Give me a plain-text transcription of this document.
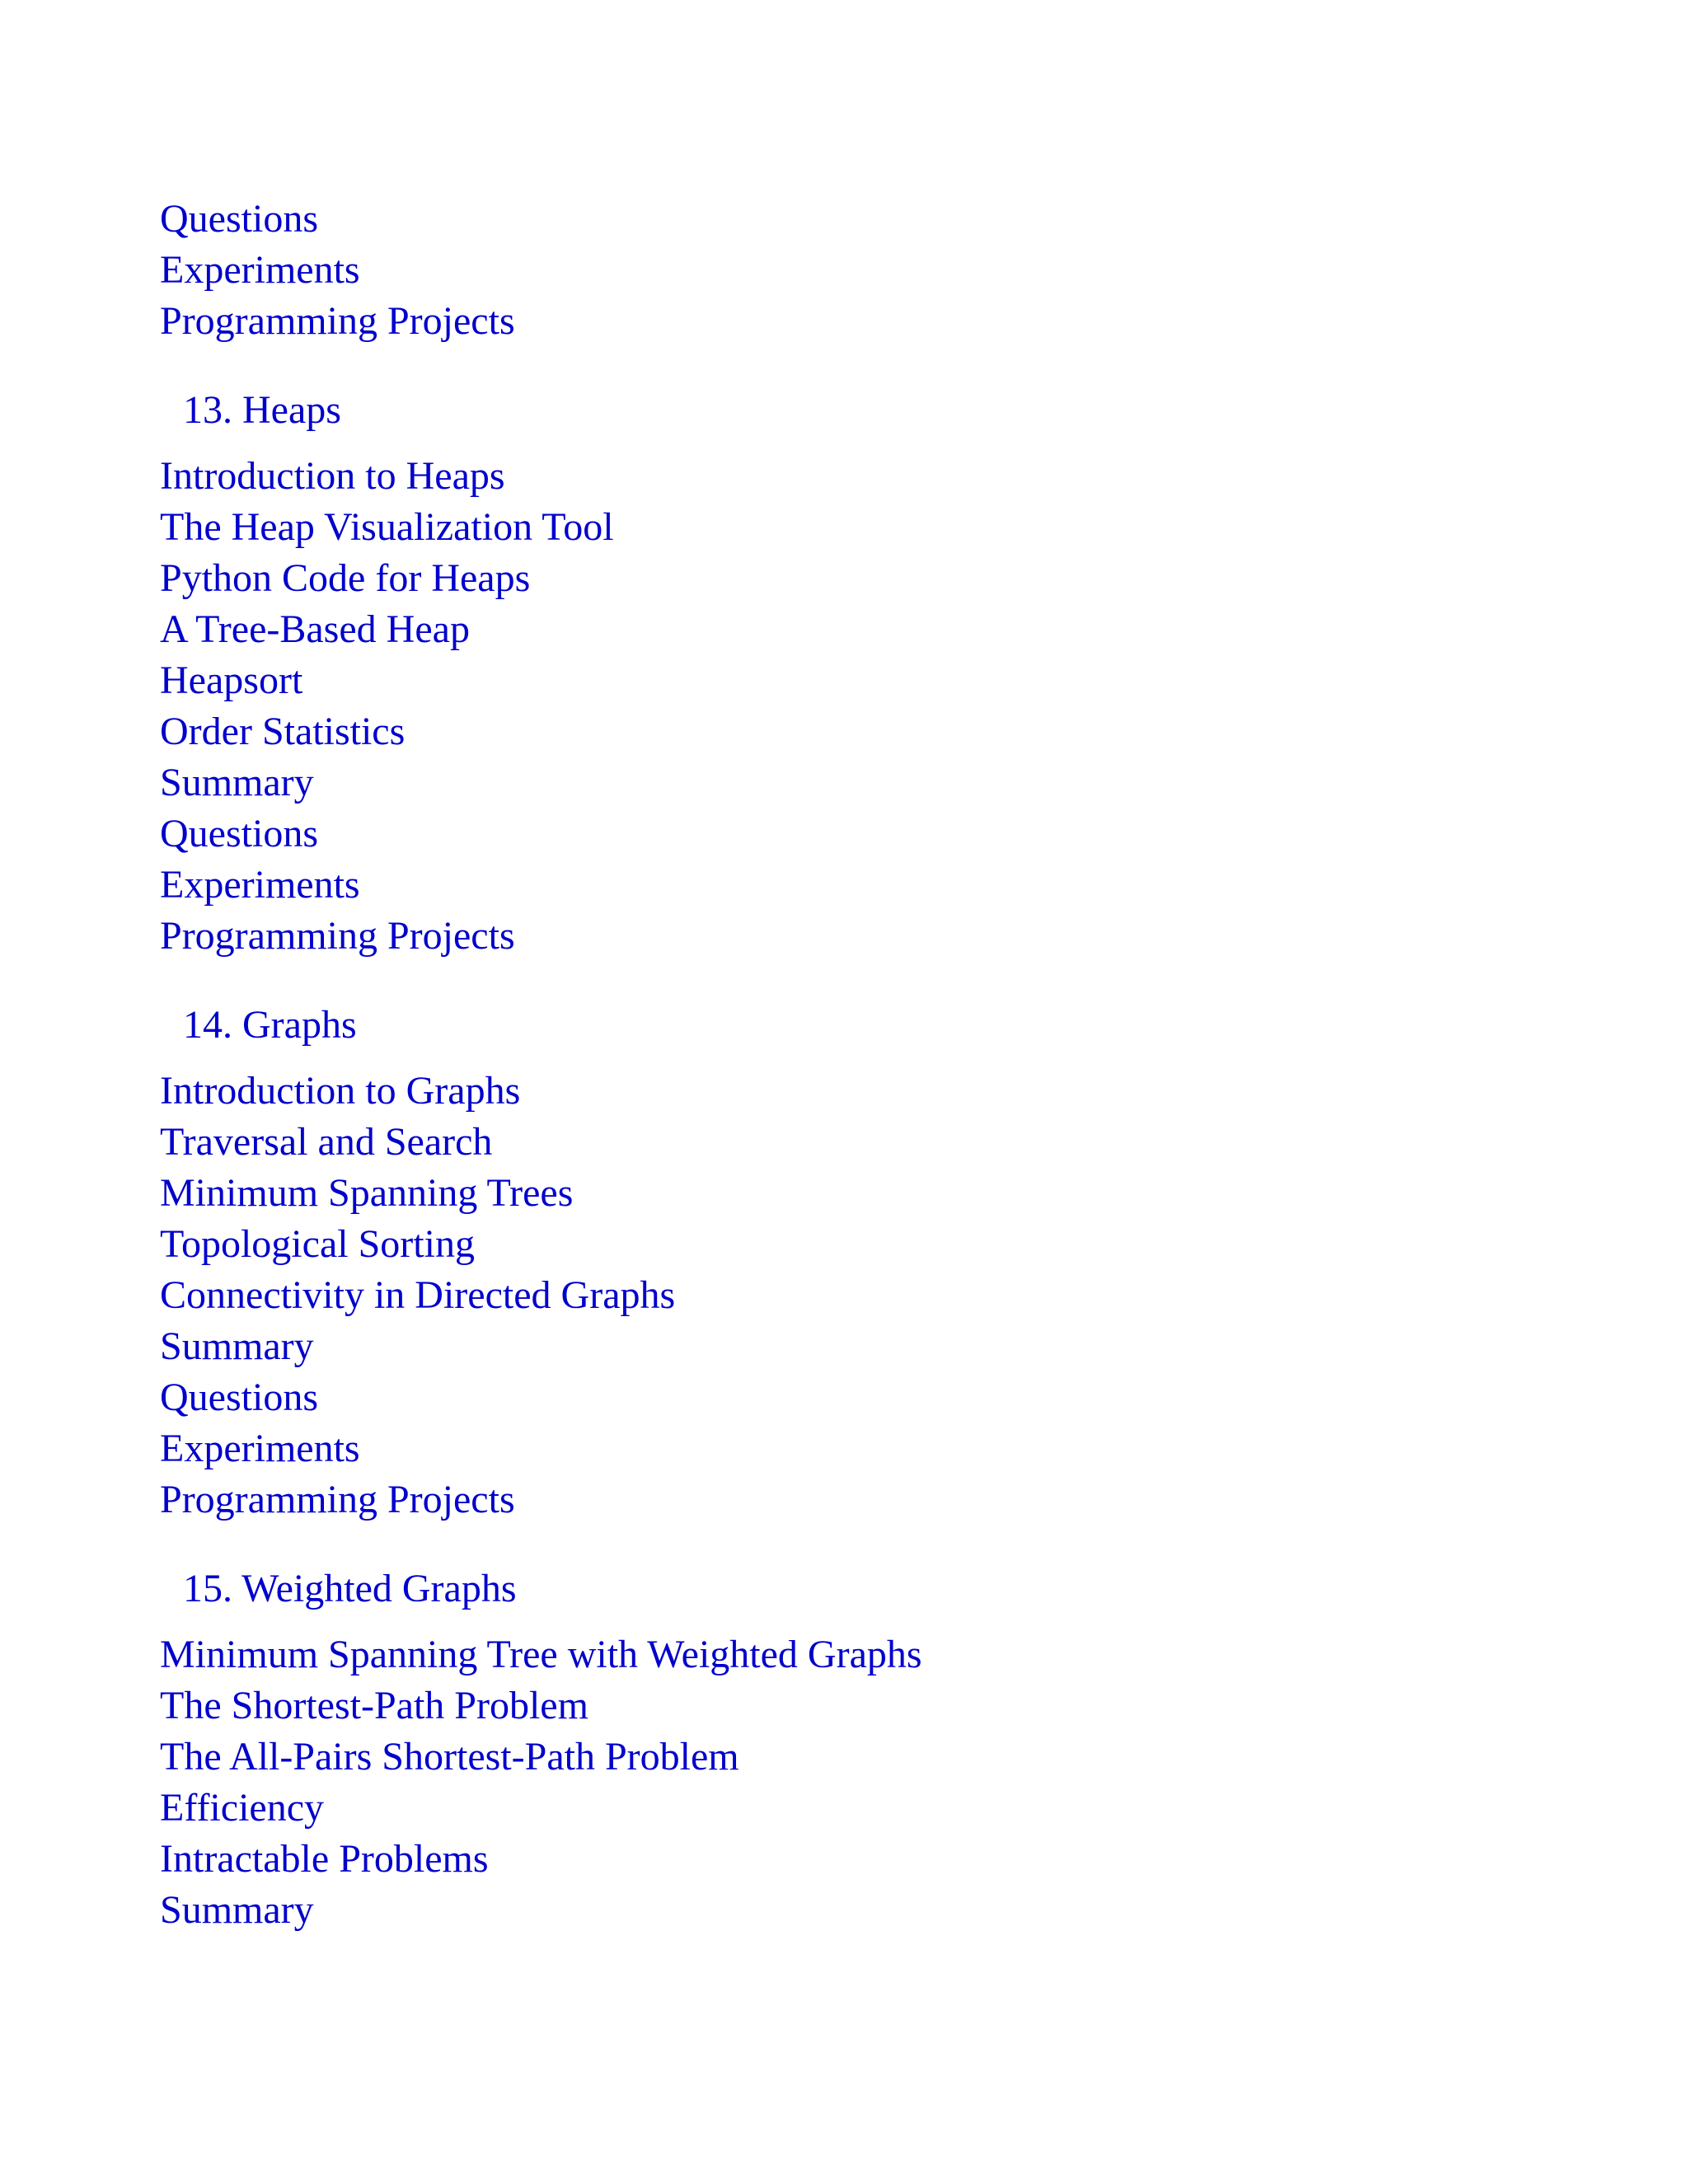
Questions
Experiments
Programming Projects
13. Heaps
Introduction to Heaps
The Heap Visualization Tool
Python Code for Heaps
A Tree-Based Heap
Heapsort
Order Statistics
Summary
Questions
Experiments
Programming Projects
14. Graphs
Introduction to Graphs
Traversal and Search
Minimum Spanning Trees
Topological Sorting
Connectivity in Directed Graphs
Summary
Questions
Experiments
Programming Projects
15. Weighted Graphs
Minimum Spanning Tree with Weighted Graphs
The Shortest-Path Problem
The All-Pairs Shortest-Path Problem
Efficiency
Intractable Problems
Summary
